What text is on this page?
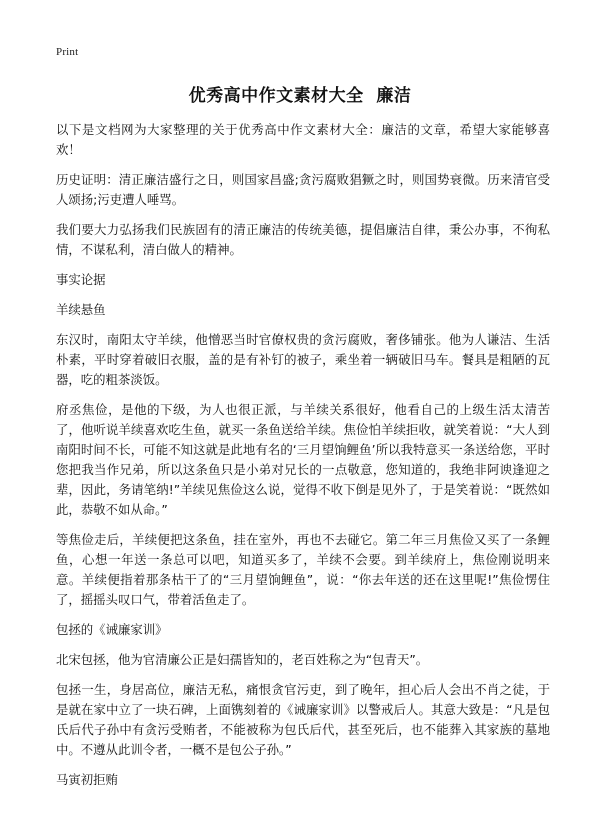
Print
优秀高中作文素材大全  廉洁
以下是文档网为大家整理的关于优秀高中作文素材大全：廉洁的文章，希望大家能够喜欢！
历史证明：清正廉洁盛行之日，则国家昌盛;贪污腐败猖獗之时，则国势衰微。历来清官受人颂扬;污吏遭人唾骂。
我们要大力弘扬我们民族固有的清正廉洁的传统美德，提倡廉洁自律，秉公办事，不徇私情，不谋私利，清白做人的精神。
事实论据
羊续悬鱼
东汉时，南阳太守羊续，他憎恶当时官僚权贵的贪污腐败，奢侈铺张。他为人谦洁、生活朴素，平时穿着破旧衣服，盖的是有补钉的被子，乘坐着一辆破旧马车。餐具是粗陋的瓦器，吃的粗茶淡饭。
府丞焦俭，是他的下级，为人也很正派，与羊续关系很好，他看自己的上级生活太清苦了，他听说羊续喜欢吃生鱼，就买一条鱼送给羊续。焦俭怕羊续拒收，就笑着说：“大人到南阳时间不长，可能不知这就是此地有名的‘三月望饷鲤鱼’所以我特意买一条送给您，平时您把我当作兄弟，所以这条鱼只是小弟对兄长的一点敬意，您知道的，我绝非阿谀逢迎之辈，因此，务请笔纳!”羊续见焦俭这么说，觉得不收下倒是见外了，于是笑着说：“既然如此，恭敬不如从命。”
等焦俭走后，羊续便把这条鱼，挂在室外，再也不去碰它。第二年三月焦俭又买了一条鲤鱼，心想一年送一条总可以吧，知道买多了，羊续不会要。到羊续府上，焦俭刚说明来意。羊续便指着那条枯干了的“三月望饷鲤鱼”，说：“你去年送的还在这里呢!”焦俭愣住了，摇摇头叹口气，带着活鱼走了。
包拯的《诫廉家训》
北宋包拯，他为官清廉公正是妇孺皆知的，老百姓称之为“包青天”。
包拯一生，身居高位，廉洁无私，痛恨贪官污吏，到了晚年，担心后人会出不肖之徒，于是就在家中立了一块石碑，上面镌刻着的《诫廉家训》以警戒后人。其意大致是：“凡是包氏后代子孙中有贪污受贿者，不能被称为包氏后代，甚至死后，也不能葬入其家族的墓地中。不遵从此训令者，一概不是包公子孙。”
马寅初拒贿
